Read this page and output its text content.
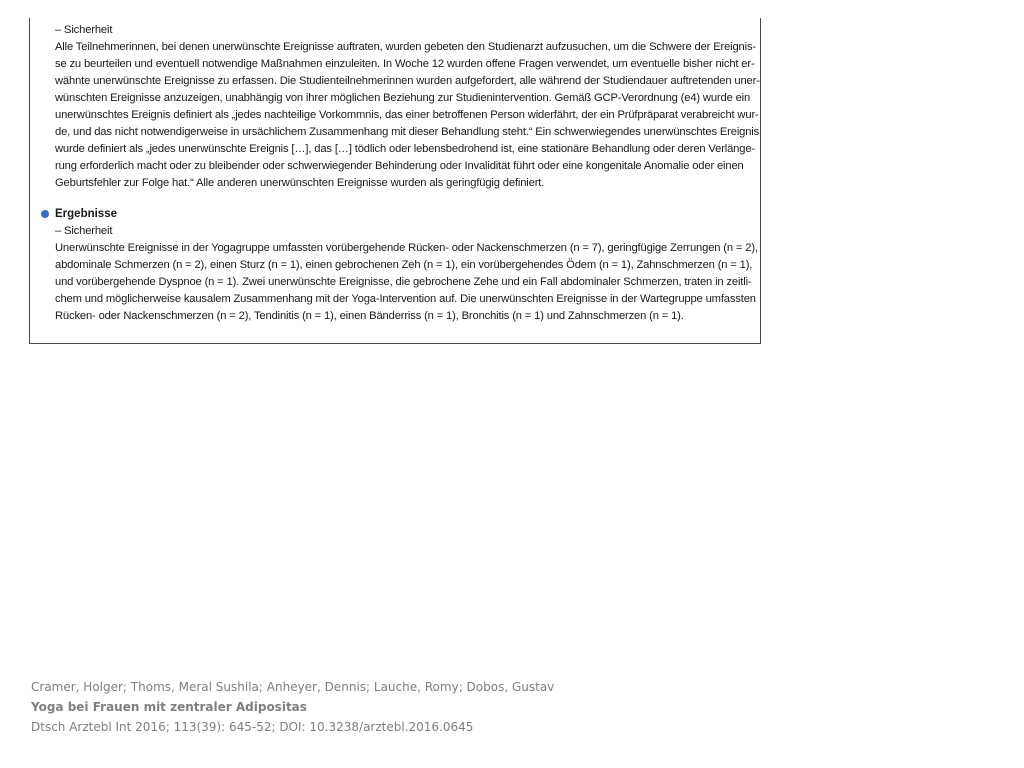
– Sicherheit
Alle Teilnehmerinnen, bei denen unerwünschte Ereignisse auftraten, wurden gebeten den Studienarzt aufzusuchen, um die Schwere der Ereignis-
se zu beurteilen und eventuell notwendige Maßnahmen einzuleiten. In Woche 12 wurden offene Fragen verwendet, um eventuelle bisher nicht er-
wähnte unerwünschte Ereignisse zu erfassen. Die Studienteilnehmerinnen wurden aufgefordert, alle während der Studiendauer auftretenden uner-
wünschten Ereignisse anzuzeigen, unabhängig von ihrer möglichen Beziehung zur Studienintervention. Gemäß GCP-Verordnung (e4) wurde ein
unerwünschtes Ereignis definiert als „jedes nachteilige Vorkommnis, das einer betroffenen Person widerfährt, der ein Prüfpräparat verabreicht wur-
de, und das nicht notwendigerweise in ursächlichem Zusammenhang mit dieser Behandlung steht.“ Ein schwerwiegendes unerwünschtes Ereignis
wurde definiert als „jedes unerwünschte Ereignis […], das […] tödlich oder lebensbedrohend ist, eine stationäre Behandlung oder deren Verlänge-
rung erforderlich macht oder zu bleibender oder schwerwiegender Behinderung oder Invalidität führt oder eine kongenitale Anomalie oder einen
Geburtsfehler zur Folge hat.“ Alle anderen unerwünschten Ereignisse wurden als geringfügig definiert.
Ergebnisse
– Sicherheit
Unerwünschte Ereignisse in der Yogagruppe umfassten vorübergehende Rücken- oder Nackenschmerzen (n = 7), geringfügige Zerrungen (n = 2),
abdominale Schmerzen (n = 2), einen Sturz (n = 1), einen gebrochenen Zeh (n = 1), ein vorübergehendes Ödem (n = 1), Zahnschmerzen (n = 1),
und vorübergehende Dyspnoe (n = 1). Zwei unerwünschte Ereignisse, die gebrochene Zehe und ein Fall abdominaler Schmerzen, traten in zeitli-
chem und möglicherweise kausalem Zusammenhang mit der Yoga-Intervention auf. Die unerwünschten Ereignisse in der Wartegruppe umfassten
Rücken- oder Nackenschmerzen (n = 2), Tendinitis (n = 1), einen Bänderriss (n = 1), Bronchitis (n = 1) und Zahnschmerzen (n = 1).
Cramer, Holger; Thoms, Meral Sushila; Anheyer, Dennis; Lauche, Romy; Dobos, Gustav
Yoga bei Frauen mit zentraler Adipositas
Dtsch Arztebl Int 2016; 113(39): 645-52; DOI: 10.3238/arztebl.2016.0645
